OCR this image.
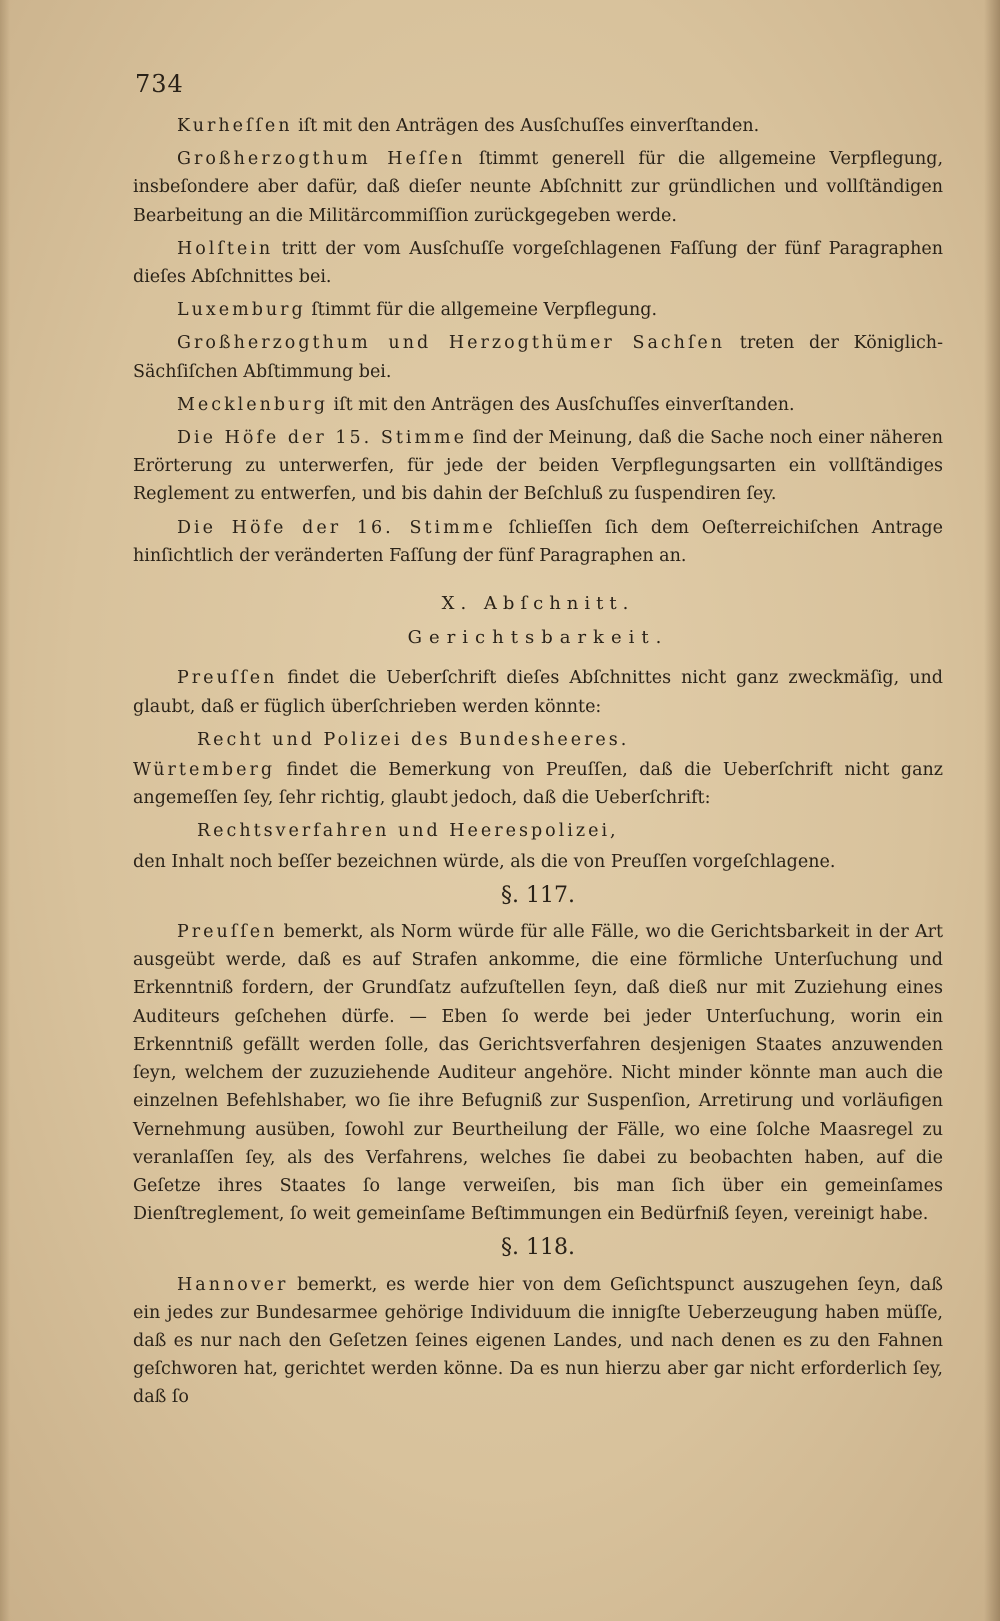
734

Kurheſſen iſt mit den Anträgen des Ausſchuſſes einverſtanden.

Großherzogthum Heſſen ſtimmt generell für die allgemeine Verpflegung, insbeſondere aber dafür, daß dieſer neunte Abſchnitt zur gründlichen und vollſtändigen Bearbeitung an die Militärcommiſſion zurückgegeben werde.

Holſtein tritt der vom Ausſchuſſe vorgeſchlagenen Faſſung der fünf Paragraphen dieſes Abſchnittes bei.

Luxemburg ſtimmt für die allgemeine Verpflegung.

Großherzogthum und Herzogthümer Sachſen treten der Königlich-Sächſiſchen Abſtimmung bei.

Mecklenburg iſt mit den Anträgen des Ausſchuſſes einverſtanden.

Die Höfe der 15. Stimme ſind der Meinung, daß die Sache noch einer näheren Erörterung zu unterwerfen, für jede der beiden Verpflegungsarten ein vollſtändiges Reglement zu entwerfen, und bis dahin der Beſchluß zu ſuspendiren ſey.

Die Höfe der 16. Stimme ſchlieſſen ſich dem Oeſterreichiſchen Antrage hinſichtlich der veränderten Faſſung der fünf Paragraphen an.

X. Abſchnitt.

Gerichtsbarkeit.

Preuſſen findet die Ueberſchrift dieſes Abſchnittes nicht ganz zweckmäſig, und glaubt, daß er füglich überſchrieben werden könnte:

Recht und Polizei des Bundesheeres.

Würtemberg findet die Bemerkung von Preuſſen, daß die Ueberſchrift nicht ganz angemeſſen ſey, ſehr richtig, glaubt jedoch, daß die Ueberſchrift:

Rechtsverfahren und Heerespolizei,

den Inhalt noch beſſer bezeichnen würde, als die von Preuſſen vorgeſchlagene.

§. 117.

Preuſſen bemerkt, als Norm würde für alle Fälle, wo die Gerichtsbarkeit in der Art ausgeübt werde, daß es auf Strafen ankomme, die eine förmliche Unterſuchung und Erkenntniß fordern, der Grundſatz aufzuſtellen ſeyn, daß dieß nur mit Zuziehung eines Auditeurs geſchehen dürfe. — Eben ſo werde bei jeder Unterſuchung, worin ein Erkenntniß gefällt werden ſolle, das Gerichtsverfahren desjenigen Staates anzuwenden ſeyn, welchem der zuzuziehende Auditeur angehöre. Nicht minder könnte man auch die einzelnen Befehlshaber, wo ſie ihre Befugniß zur Suspenſion, Arretirung und vorläufigen Vernehmung ausüben, ſowohl zur Beurtheilung der Fälle, wo eine ſolche Maasregel zu veranlaſſen ſey, als des Verfahrens, welches ſie dabei zu beobachten haben, auf die Geſetze ihres Staates ſo lange verweiſen, bis man ſich über ein gemeinſames Dienſtreglement, ſo weit gemeinſame Beſtimmungen ein Bedürfniß ſeyen, vereinigt habe.

§. 118.

Hannover bemerkt, es werde hier von dem Geſichtspunct auszugehen ſeyn, daß ein jedes zur Bundesarmee gehörige Individuum die innigſte Ueberzeugung haben müſſe, daß es nur nach den Geſetzen ſeines eigenen Landes, und nach denen es zu den Fahnen geſchworen hat, gerichtet werden könne. Da es nun hierzu aber gar nicht erforderlich ſey, daß ſo
